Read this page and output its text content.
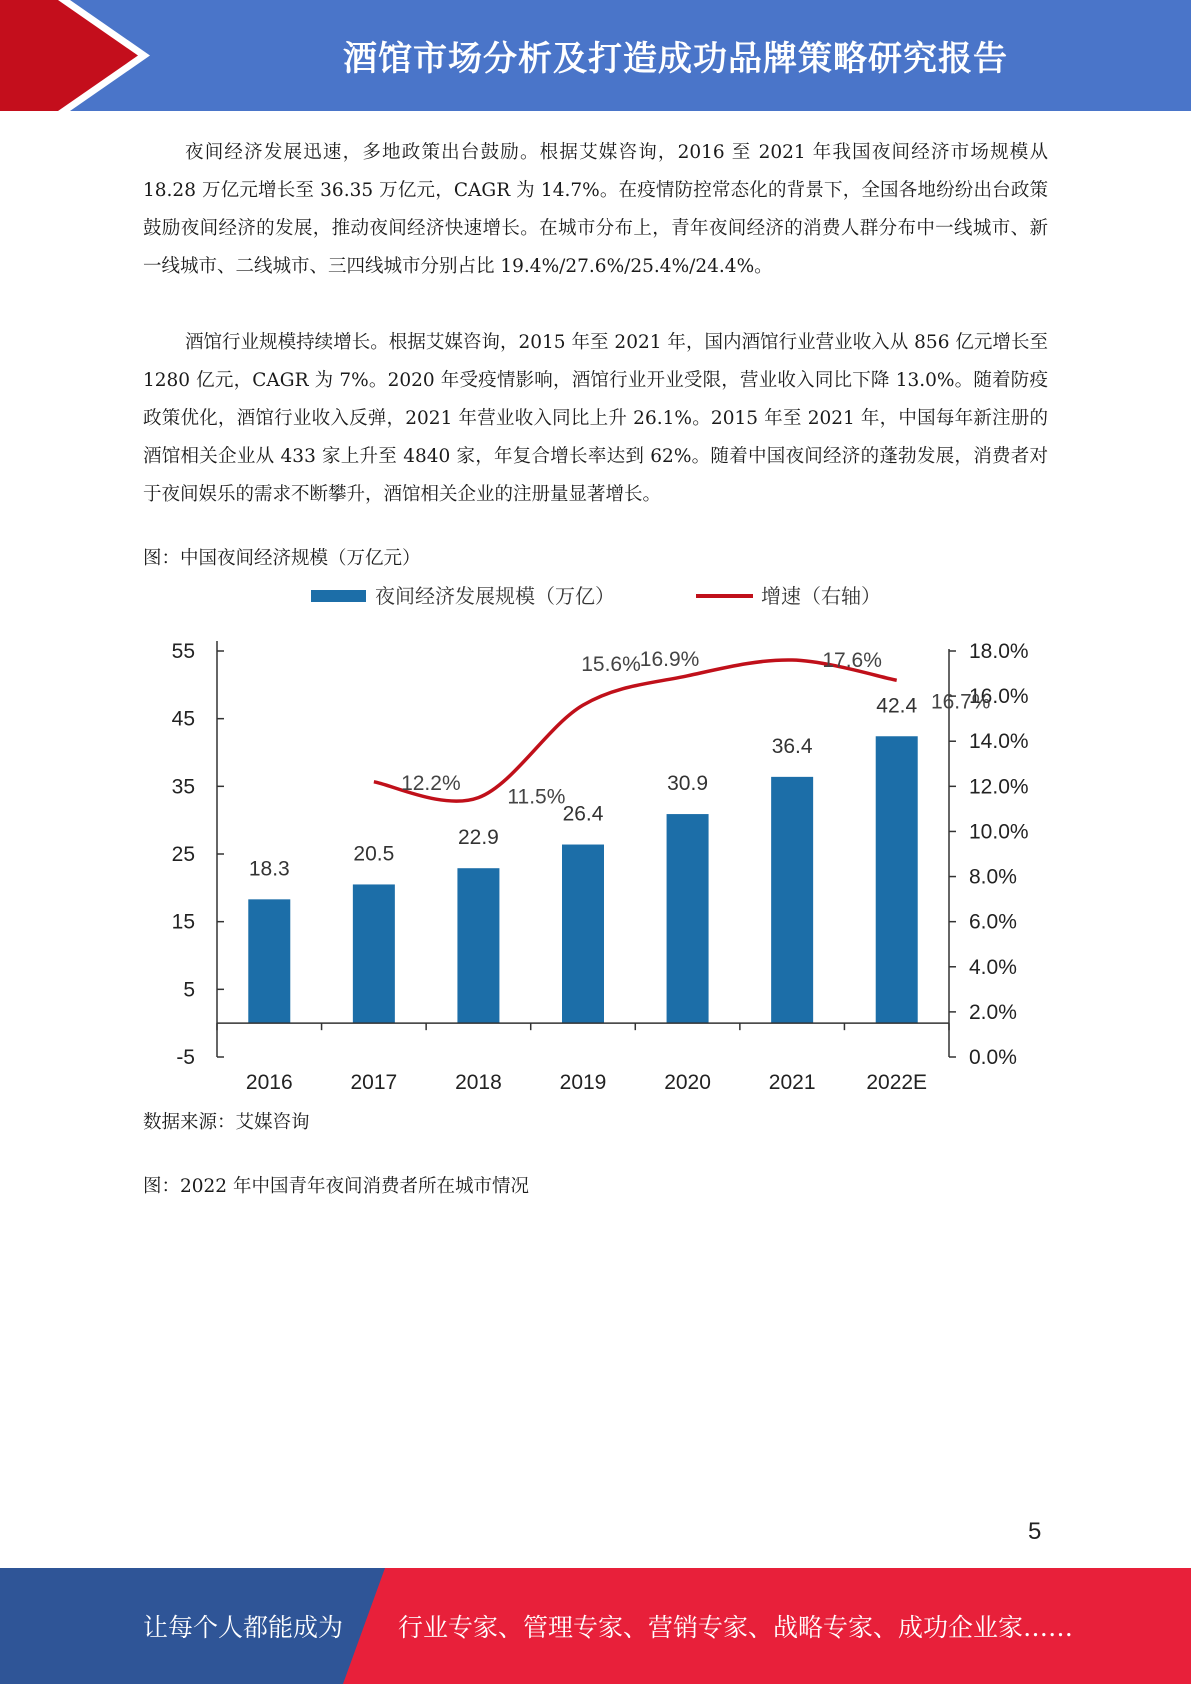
酒馆市场分析及打造成功品牌策略研究报告

夜间经济发展迅速，多地政策出台鼓励。根据艾媒咨询，2016 至 2021 年我国夜间经济市场规模从 18.28 万亿元增长至 36.35 万亿元，CAGR 为 14.7%。在疫情防控常态化的背景下，全国各地纷纷出台政策鼓励夜间经济的发展，推动夜间经济快速增长。在城市分布上，青年夜间经济的消费人群分布中一线城市、新一线城市、二线城市、三四线城市分别占比 19.4%/27.6%/25.4%/24.4%。

酒馆行业规模持续增长。根据艾媒咨询，2015 年至 2021 年，国内酒馆行业营业收入从 856 亿元增长至 1280 亿元，CAGR 为 7%。2020 年受疫情影响，酒馆行业开业受限，营业收入同比下降 13.0%。随着防疫政策优化，酒馆行业收入反弹，2021 年营业收入同比上升 26.1%。2015 年至 2021 年，中国每年新注册的酒馆相关企业从 433 家上升至 4840 家，年复合增长率达到 62%。随着中国夜间经济的蓬勃发展，消费者对于夜间娱乐的需求不断攀升，酒馆相关企业的注册量显著增长。

图：中国夜间经济规模（万亿元）

夜间经济发展规模（万亿）	增速（右轴）
55
45
35
25
15
5
-5
18.0%
16.0%
14.0%
12.0%
10.0%
8.0%
6.0%
4.0%
2.0%
0.0%
18.3
20.5
22.9
26.4
30.9
36.4
42.4
2016	2017	2018	2019	2020	2021 2022E
12.2%
11.5%
15.6% 16.9%	17.6%
16.7%

数据来源：艾媒咨询

图：2022 年中国青年夜间消费者所在城市情况

5
让每个人都能成为 行业专家、管理专家、营销专家、战略专家、成功企业家……
